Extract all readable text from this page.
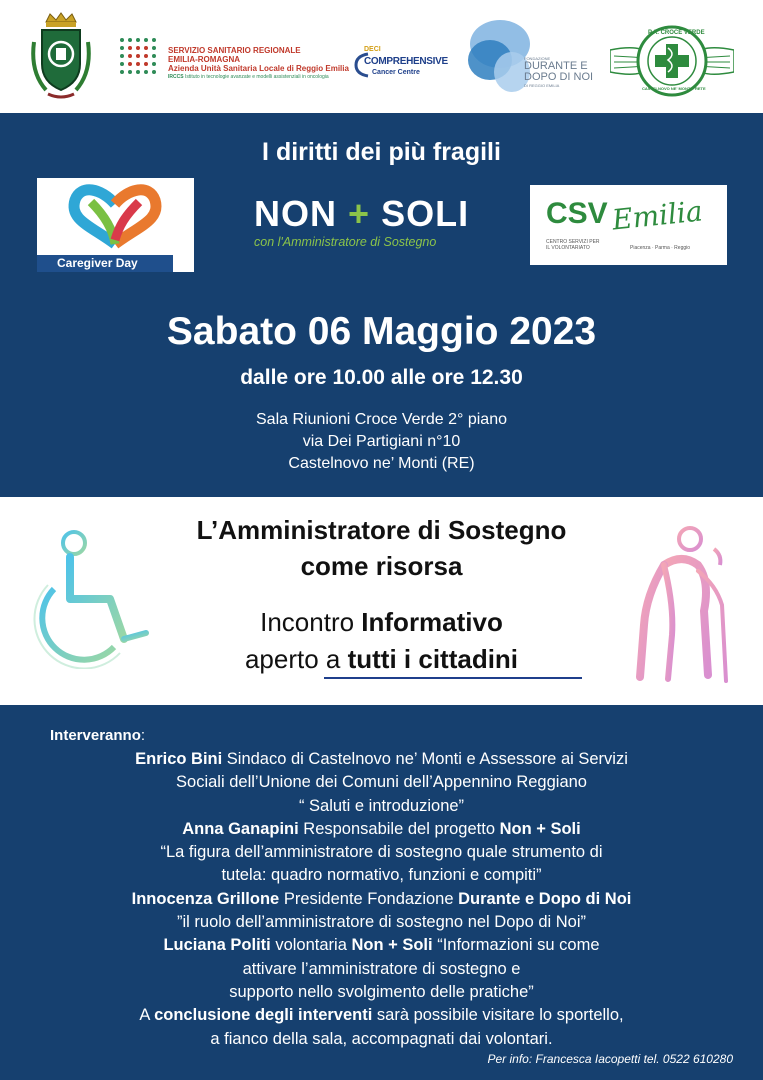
SERVIZIO SANITARIO REGIONALE
EMILIA-ROMAGNA
Azienda Unità Sanitaria Locale di Reggio Emilia
IRCCS Istituto in tecnologie avanzate e modelli assistenziali in oncologia
DECI
COMPREHENSIVE
Cancer Centre
FONDAZIONE
DURANTE E
DOPO DI NOI
DI REGGIO EMILIA
P.A. CROCE VERDE
CASTELNOVO NE' MONTI - RETE
I diritti dei più fragili
Caregiver Day
NON + SOLI
con l'Amministratore di Sostegno
CSV Emilia
CENTRO SERVIZI PER
IL VOLONTARIATO	Piacenza · Parma · Reggio
Sabato 06 Maggio 2023
dalle ore 10.00 alle ore 12.30
Sala Riunioni Croce Verde 2° piano
via Dei Partigiani n°10
Castelnovo ne’ Monti (RE)
L’Amministratore di Sostegno
come risorsa
Incontro Informativo
aperto a tutti i cittadini
Interveranno:

Enrico Bini Sindaco di Castelnovo ne’ Monti e Assessore ai Servizi

Sociali dell’Unione dei Comuni dell’Appennino Reggiano

“ Saluti e introduzione”

Anna Ganapini Responsabile del progetto Non + Soli

“La figura dell’amministratore di sostegno quale strumento di

tutela: quadro normativo, funzioni e compiti”

Innocenza Grillone Presidente Fondazione Durante e Dopo di Noi

”il ruolo dell’amministratore di sostegno nel Dopo di Noi”

Luciana Politi volontaria Non + Soli “Informazioni su come

attivare l’amministratore di sostegno e

supporto nello svolgimento delle pratiche”

A conclusione degli interventi sarà possibile visitare lo sportello,

a fianco della sala, accompagnati dai volontari.

Per info: Francesca Iacopetti tel. 0522 610280
